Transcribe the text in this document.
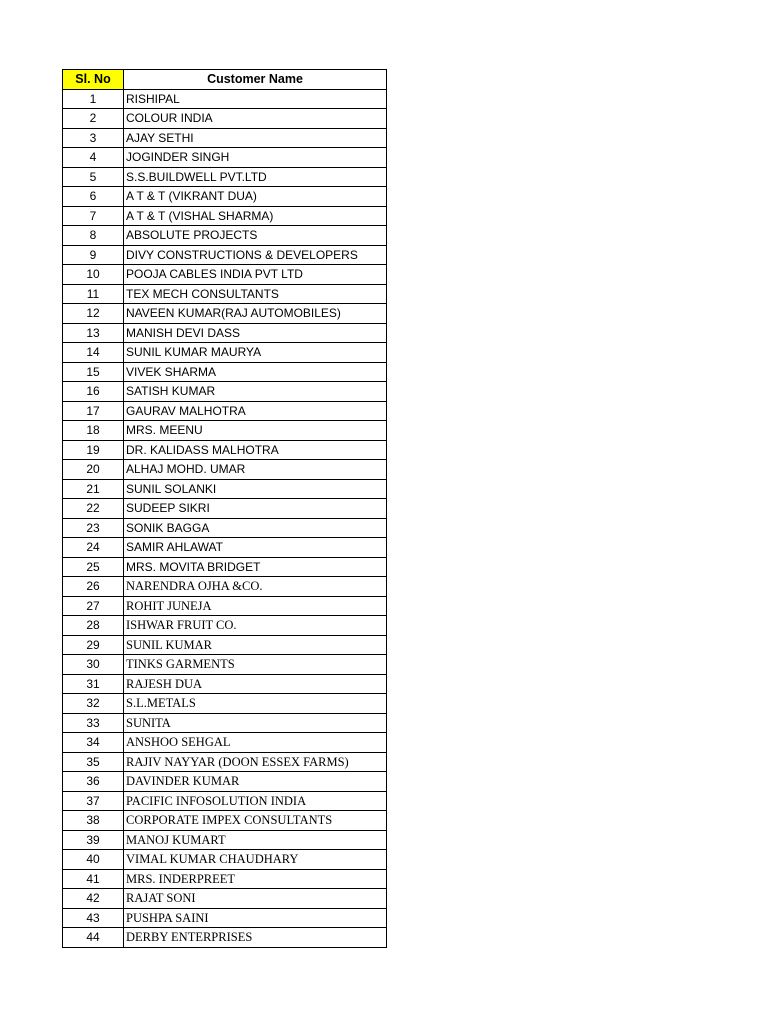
Sl. No	Customer Name
1	RISHIPAL
2	COLOUR INDIA
3	AJAY SETHI
4	JOGINDER SINGH
5	S.S.BUILDWELL PVT.LTD
6	A T & T (VIKRANT DUA)
7	A T & T (VISHAL SHARMA)
8	ABSOLUTE PROJECTS
9	DIVY CONSTRUCTIONS & DEVELOPERS
10	POOJA CABLES INDIA PVT LTD
11	TEX MECH CONSULTANTS
12	NAVEEN KUMAR(RAJ AUTOMOBILES)
13	MANISH DEVI DASS
14	SUNIL KUMAR MAURYA
15	VIVEK SHARMA
16	SATISH KUMAR
17	GAURAV MALHOTRA
18	MRS. MEENU
19	DR. KALIDASS MALHOTRA
20	ALHAJ MOHD. UMAR
21	SUNIL SOLANKI
22	SUDEEP SIKRI
23	SONIK BAGGA
24	SAMIR AHLAWAT
25	MRS. MOVITA BRIDGET
26	NARENDRA OJHA &CO.
27	ROHIT JUNEJA
28	ISHWAR FRUIT CO.
29	SUNIL KUMAR
30	TINKS GARMENTS
31	RAJESH DUA
32	S.L.METALS
33	SUNITA
34	ANSHOO SEHGAL
35	RAJIV NAYYAR (DOON ESSEX FARMS)
36	DAVINDER KUMAR
37	PACIFIC INFOSOLUTION INDIA
38	CORPORATE IMPEX CONSULTANTS
39	MANOJ KUMART
40	VIMAL KUMAR CHAUDHARY
41	MRS. INDERPREET
42	RAJAT SONI
43	PUSHPA SAINI
44	DERBY ENTERPRISES
